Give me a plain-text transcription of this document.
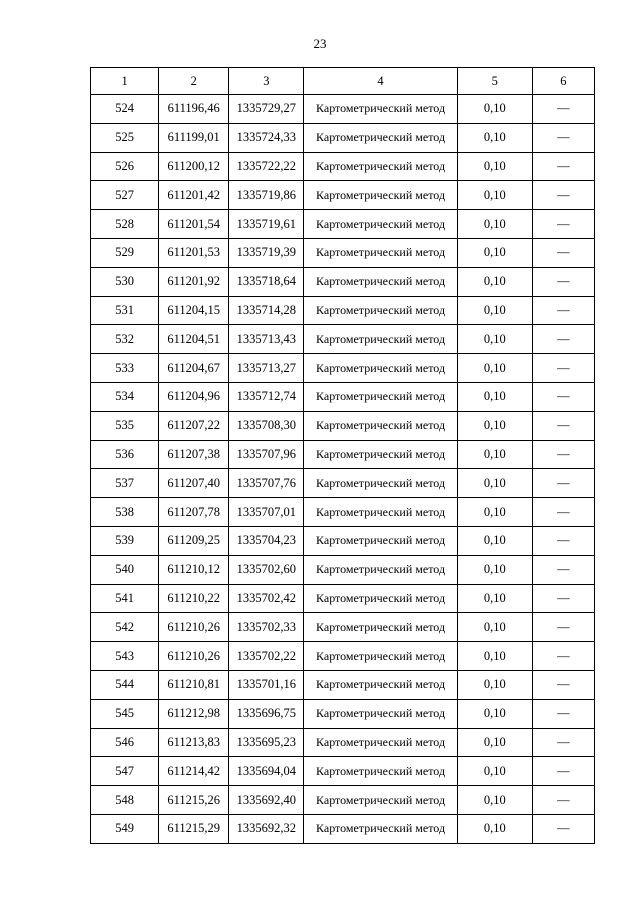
23
1	2	3	4	5	6
524	611196,46	1335729,27	Картометрический метод	0,10	—
525	611199,01	1335724,33	Картометрический метод	0,10	—
526	611200,12	1335722,22	Картометрический метод	0,10	—
527	611201,42	1335719,86	Картометрический метод	0,10	—
528	611201,54	1335719,61	Картометрический метод	0,10	—
529	611201,53	1335719,39	Картометрический метод	0,10	—
530	611201,92	1335718,64	Картометрический метод	0,10	—
531	611204,15	1335714,28	Картометрический метод	0,10	—
532	611204,51	1335713,43	Картометрический метод	0,10	—
533	611204,67	1335713,27	Картометрический метод	0,10	—
534	611204,96	1335712,74	Картометрический метод	0,10	—
535	611207,22	1335708,30	Картометрический метод	0,10	—
536	611207,38	1335707,96	Картометрический метод	0,10	—
537	611207,40	1335707,76	Картометрический метод	0,10	—
538	611207,78	1335707,01	Картометрический метод	0,10	—
539	611209,25	1335704,23	Картометрический метод	0,10	—
540	611210,12	1335702,60	Картометрический метод	0,10	—
541	611210,22	1335702,42	Картометрический метод	0,10	—
542	611210,26	1335702,33	Картометрический метод	0,10	—
543	611210,26	1335702,22	Картометрический метод	0,10	—
544	611210,81	1335701,16	Картометрический метод	0,10	—
545	611212,98	1335696,75	Картометрический метод	0,10	—
546	611213,83	1335695,23	Картометрический метод	0,10	—
547	611214,42	1335694,04	Картометрический метод	0,10	—
548	611215,26	1335692,40	Картометрический метод	0,10	—
549	611215,29	1335692,32	Картометрический метод	0,10	—
